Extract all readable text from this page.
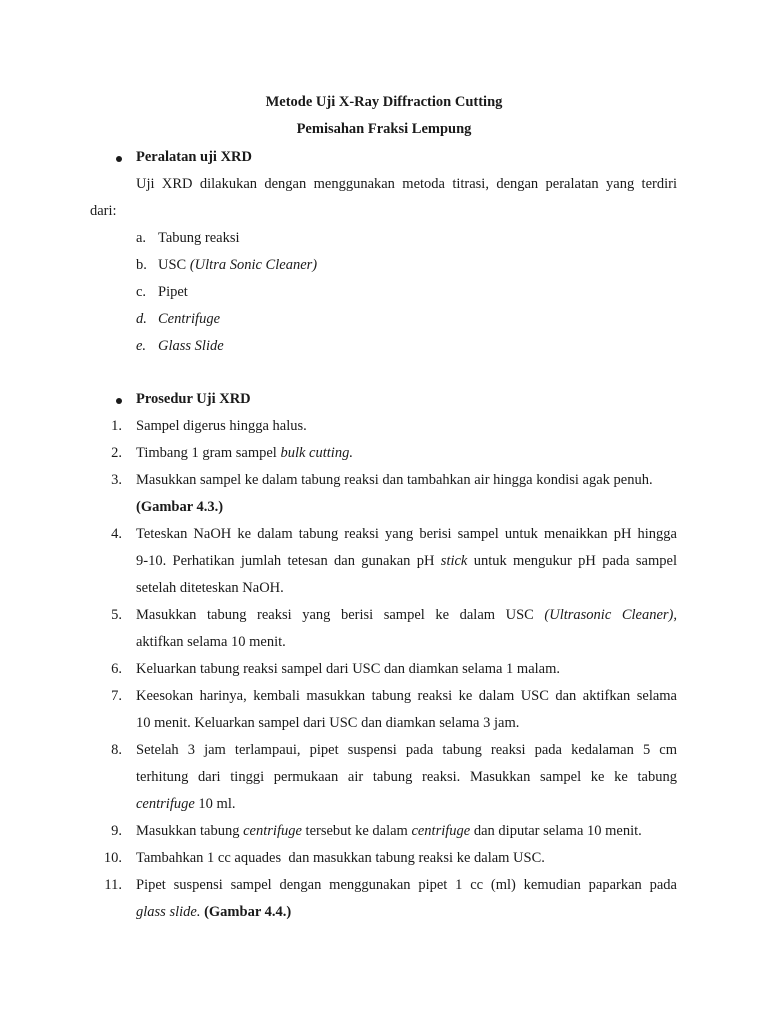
Metode Uji X-Ray Diffraction Cutting
Pemisahan Fraksi Lempung
Peralatan uji XRD
Uji XRD dilakukan dengan menggunakan metoda titrasi, dengan peralatan yang terdiri
dari:
a. Tabung reaksi
b. USC (Ultra Sonic Cleaner)
c. Pipet
d. Centrifuge
e. Glass Slide
Prosedur Uji XRD
1. Sampel digerus hingga halus.
2. Timbang 1 gram sampel bulk cutting.
3. Masukkan sampel ke dalam tabung reaksi dan tambahkan air hingga kondisi agak penuh.
(Gambar 4.3.)
4. Teteskan NaOH ke dalam tabung reaksi yang berisi sampel untuk menaikkan pH hingga
9-10. Perhatikan jumlah tetesan dan gunakan pH stick untuk mengukur pH pada sampel
setelah diteteskan NaOH.
5. Masukkan tabung reaksi yang berisi sampel ke dalam USC (Ultrasonic Cleaner),
aktifkan selama 10 menit.
6. Keluarkan tabung reaksi sampel dari USC dan diamkan selama 1 malam.
7. Keesokan harinya, kembali masukkan tabung reaksi ke dalam USC dan aktifkan selama
10 menit. Keluarkan sampel dari USC dan diamkan selama 3 jam.
8. Setelah 3 jam terlampaui, pipet suspensi pada tabung reaksi pada kedalaman 5 cm
terhitung dari tinggi permukaan air tabung reaksi. Masukkan sampel ke ke tabung
centrifuge 10 ml.
9. Masukkan tabung centrifuge tersebut ke dalam centrifuge dan diputar selama 10 menit.
10. Tambahkan 1 cc aquades  dan masukkan tabung reaksi ke dalam USC.
11. Pipet suspensi sampel dengan menggunakan pipet 1 cc (ml) kemudian paparkan pada
glass slide. (Gambar 4.4.)
